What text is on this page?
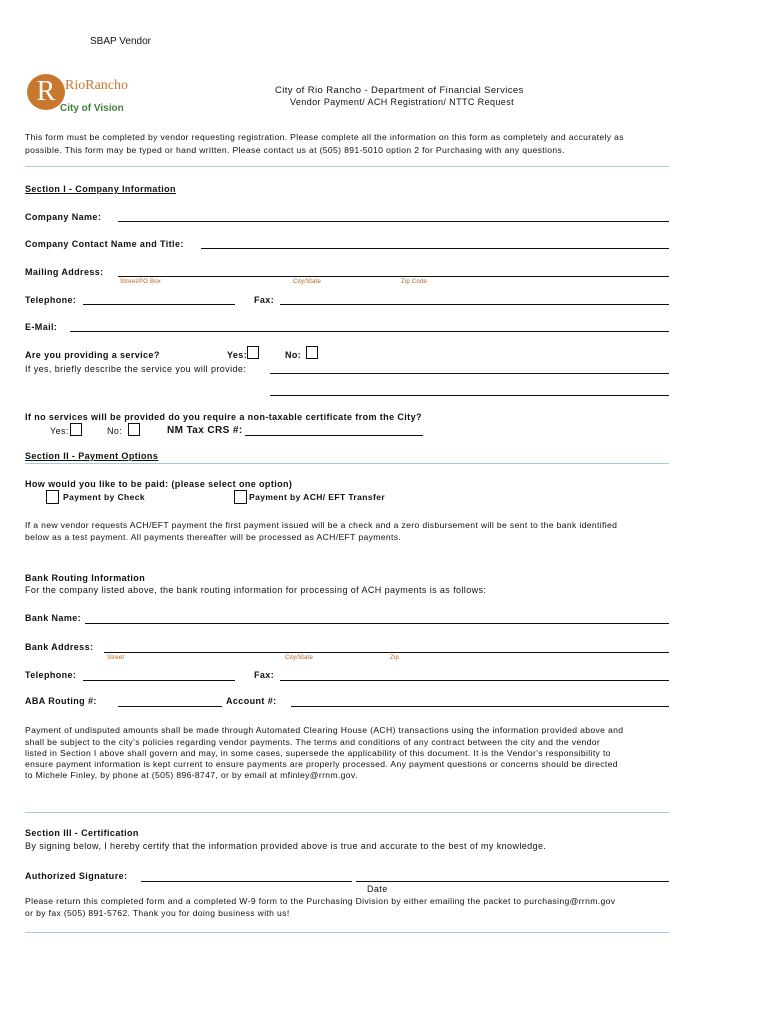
SBAP Vendor
R RioRancho
City of Vision
City of Rio Rancho - Department of Financial Services
Vendor Payment/ ACH Registration/ NTTC Request
This form must be completed by vendor requesting registration. Please complete all the information on this form as completely and accurately as
possible. This form may be typed or hand written. Please contact us at (505) 891-5010 option 2 for Purchasing with any questions.
Section I - Company Information
Company Name:
Company Contact Name and Title:
Mailing Address:
Street/PO Box	City/State	Zip Code
Telephone:	Fax:
E-Mail:
Are you providing a service?	Yes:	No:
If yes, briefly describe the service you will provide:
If no services will be provided do you require a non-taxable certificate from the City?
Yes:	No:	NM Tax CRS #:
Section II - Payment Options
How would you like to be paid: (please select one option)
Payment by Check	Payment by ACH/ EFT Transfer
If a new vendor requests ACH/EFT payment the first payment issued will be a check and a zero disbursement will be sent to the bank identified
below as a test payment. All payments thereafter will be processed as ACH/EFT payments.
Bank Routing Information
For the company listed above, the bank routing information for processing of ACH payments is as follows:
Bank Name:
Bank Address:
Street	City/State	Zip
Telephone:	Fax:
ABA Routing #:	Account #:
Payment of undisputed amounts shall be made through Automated Clearing House (ACH) transactions using the information provided above and
shall be subject to the city's policies regarding vendor payments. The terms and conditions of any contract between the city and the vendor
listed in Section I above shall govern and may, in some cases, supersede the applicability of this document. It is the Vendor's responsibility to
ensure payment information is kept current to ensure payments are properly processed. Any payment questions or concerns should be directed
to Michele Finley, by phone at (505) 896-8747, or by email at mfinley@rrnm.gov.
Section III - Certification
By signing below, I hereby certify that the information provided above is true and accurate to the best of my knowledge.
Authorized Signature:
Date
Please return this completed form and a completed W-9 form to the Purchasing Division by either emailing the packet to purchasing@rrnm.gov
or by fax (505) 891-5762. Thank you for doing business with us!
